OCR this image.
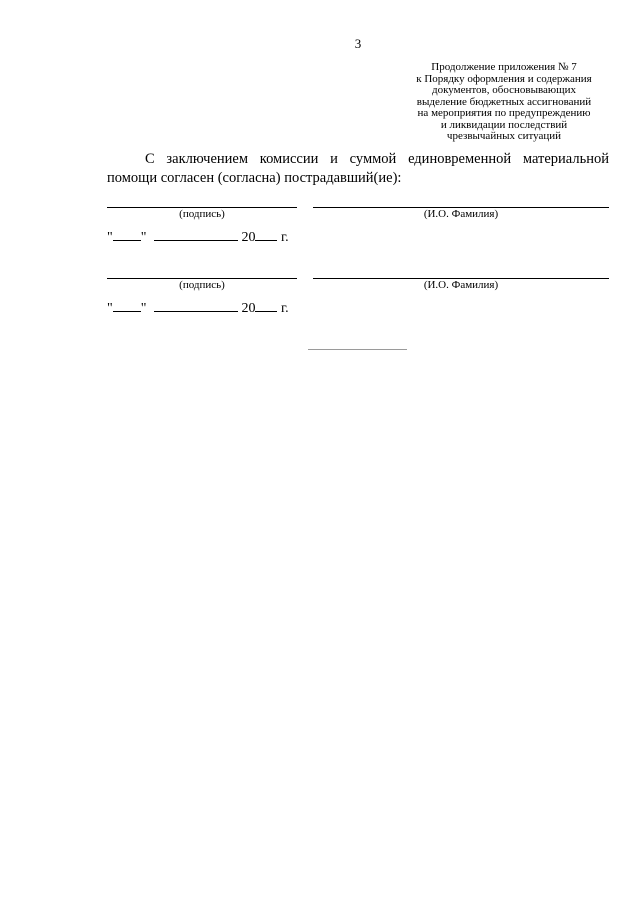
3
Продолжение приложения № 7
к Порядку оформления и содержания
документов, обосновывающих
выделение бюджетных ассигнований
на мероприятия по предупреждению
и ликвидации последствий
чрезвычайных ситуаций
С заключением комиссии и суммой единовременной материальной помощи согласен (согласна) пострадавший(ие):
(подпись)	(И.О. Фамилия)
" "	20 г.
(подпись)	(И.О. Фамилия)
" "	20 г.
